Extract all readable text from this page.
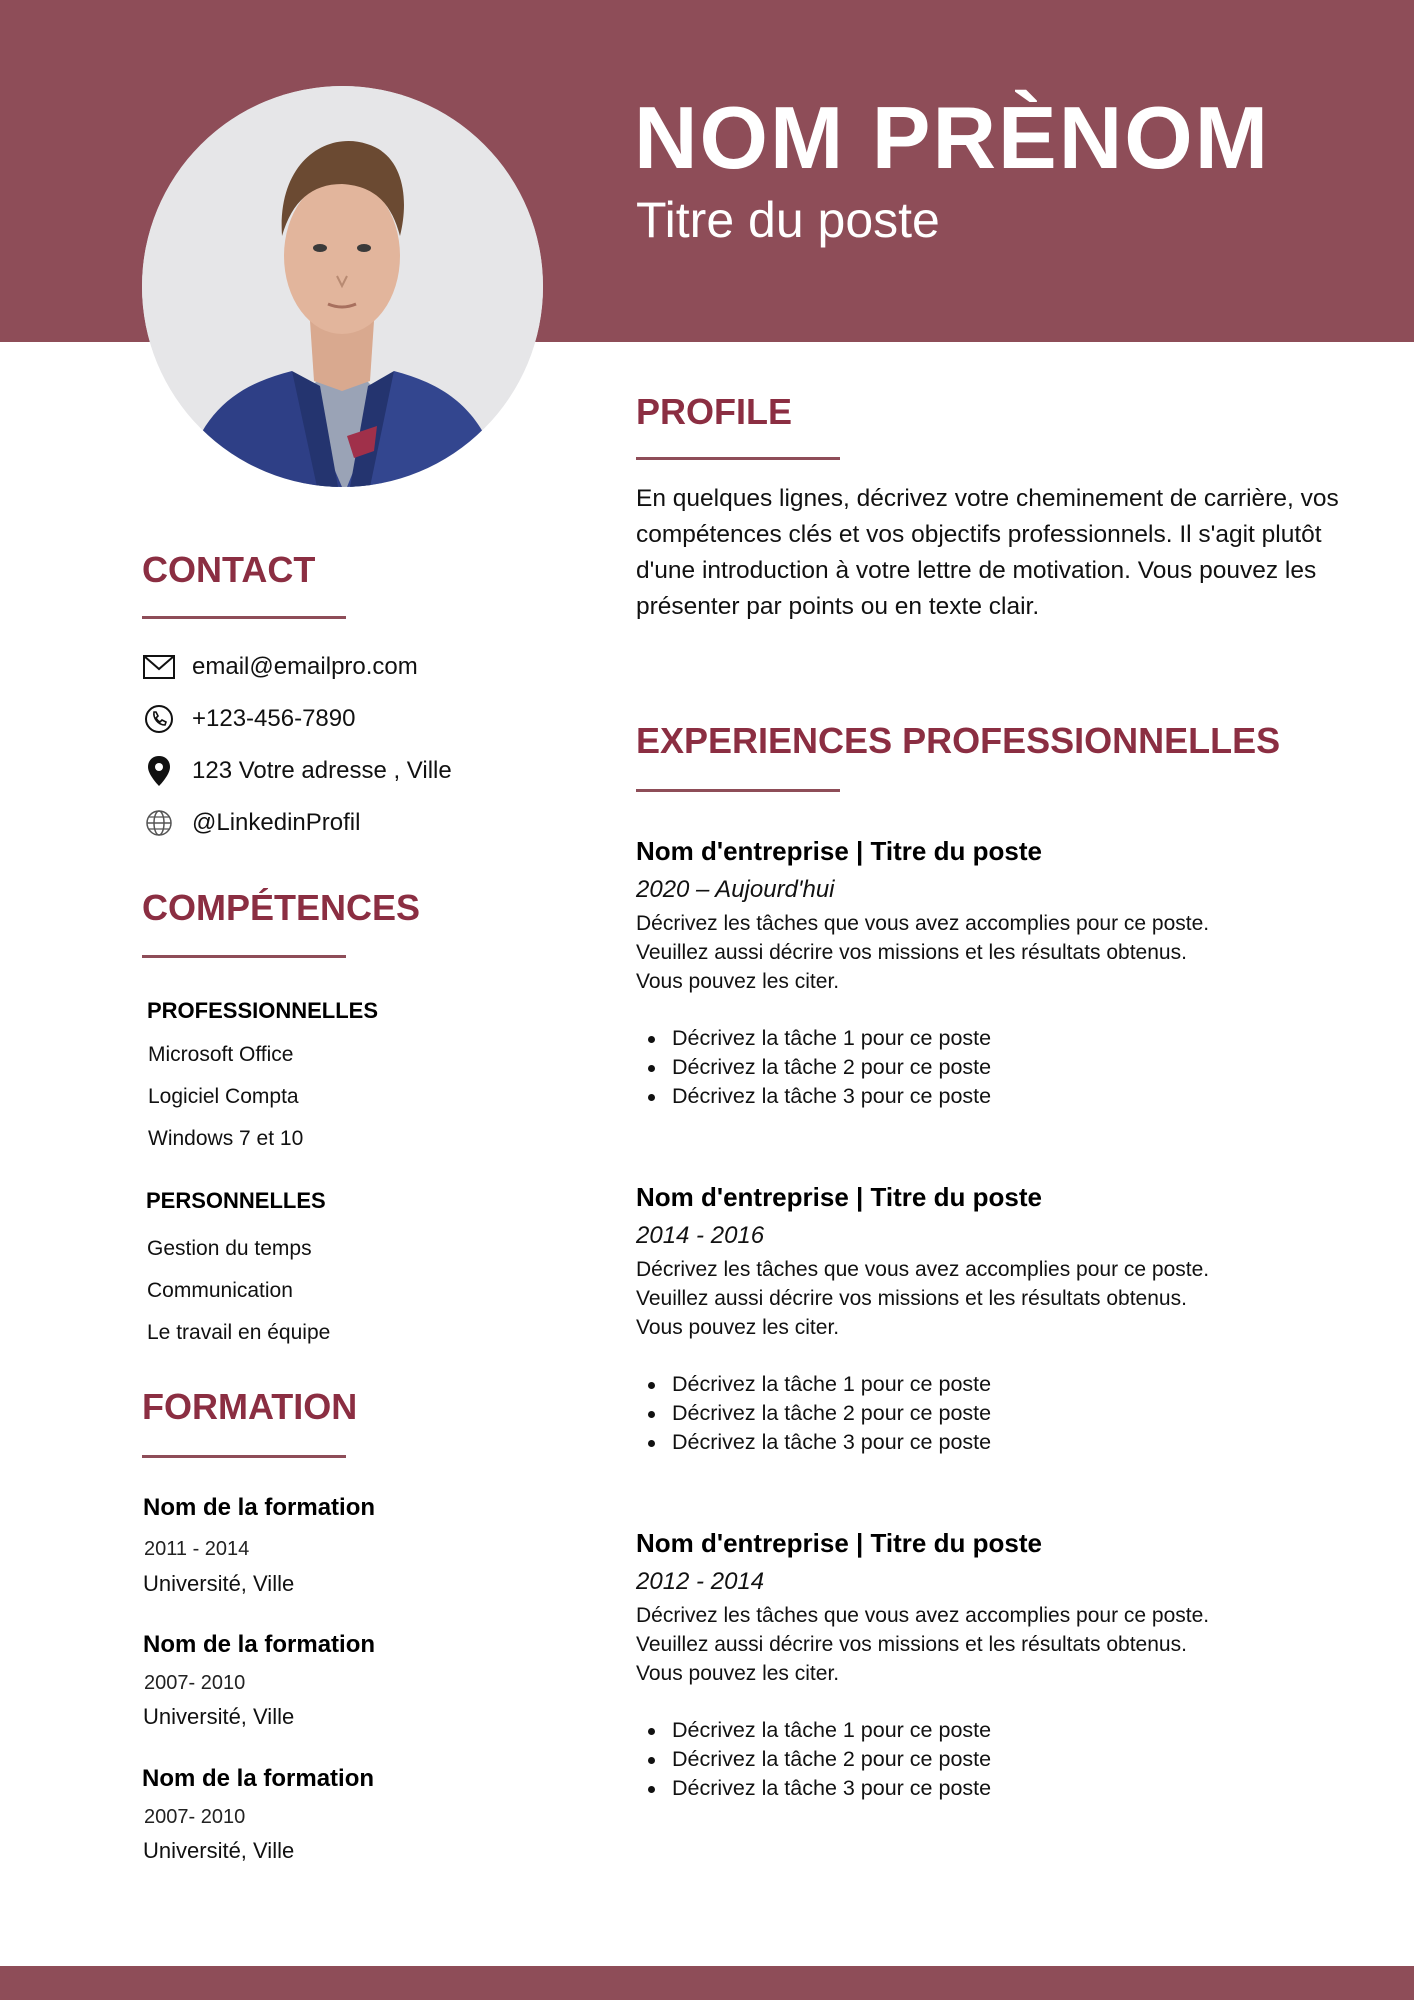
NOM PRÈNOM
Titre du poste
PROFILE
En quelques lignes, décrivez votre cheminement de carrière, vos compétences clés et vos objectifs professionnels. Il s'agit plutôt d'une introduction à votre lettre de motivation. Vous pouvez les présenter par points ou en texte clair.
CONTACT
email@emailpro.com
+123-456-7890
123 Votre adresse , Ville
@LinkedinProfil
COMPÉTENCES
PROFESSIONNELLES
Microsoft Office
Logiciel Compta
Windows 7 et 10
PERSONNELLES
Gestion du temps
Communication
Le travail en équipe
FORMATION
Nom de la formation
2011 - 2014
Université, Ville
Nom de la formation
2007- 2010
Université, Ville
Nom de la formation
2007- 2010
Université, Ville
EXPERIENCES PROFESSIONNELLES
Nom d'entreprise | Titre du poste
2020 – Aujourd'hui
Décrivez les tâches que vous avez accomplies pour ce poste.
Veuillez aussi décrire vos missions et les résultats obtenus.
Vous pouvez les citer.
Décrivez la tâche 1 pour ce poste
Décrivez la tâche 2 pour ce poste
Décrivez la tâche 3 pour ce poste
Nom d'entreprise | Titre du poste
2014 - 2016
Décrivez les tâches que vous avez accomplies pour ce poste.
Veuillez aussi décrire vos missions et les résultats obtenus.
Vous pouvez les citer.
Décrivez la tâche 1 pour ce poste
Décrivez la tâche 2 pour ce poste
Décrivez la tâche 3 pour ce poste
Nom d'entreprise | Titre du poste
2012 - 2014
Décrivez les tâches que vous avez accomplies pour ce poste.
Veuillez aussi décrire vos missions et les résultats obtenus.
Vous pouvez les citer.
Décrivez la tâche 1 pour ce poste
Décrivez la tâche 2 pour ce poste
Décrivez la tâche 3 pour ce poste
